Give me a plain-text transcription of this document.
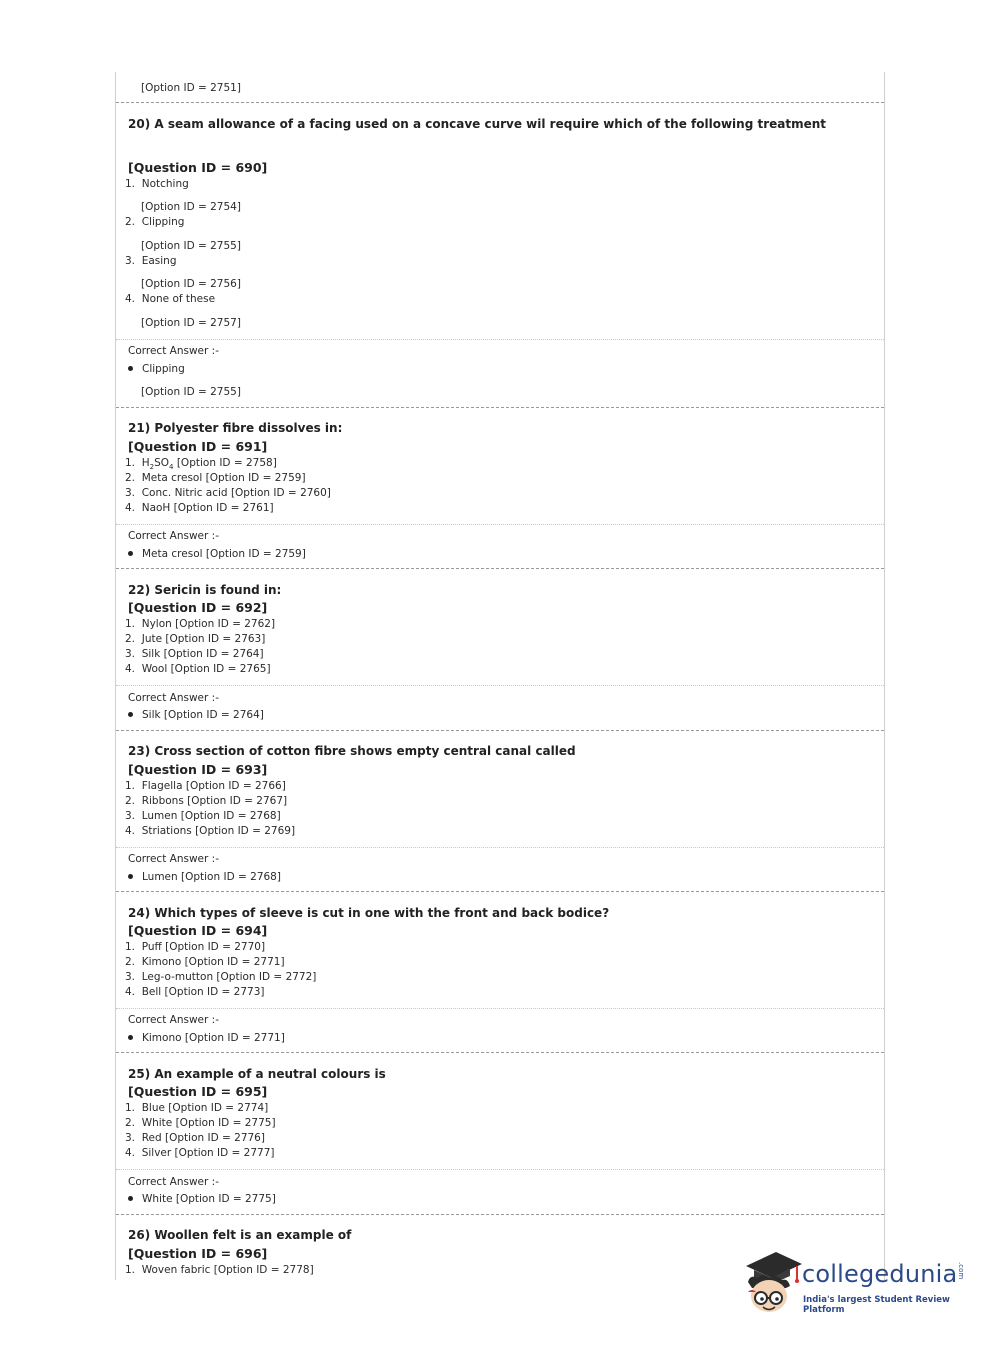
[Option ID = 2751]
20) A seam allowance of a facing used on a concave curve wil require which of the following treatment
[Question ID = 690]
1. Notching
[Option ID = 2754]
2. Clipping
[Option ID = 2755]
3. Easing
[Option ID = 2756]
4. None of these
[Option ID = 2757]
Correct Answer :-
Clipping
[Option ID = 2755]
21) Polyester fibre dissolves in:
[Question ID = 691]
1. $H_2SO_4$ [Option ID = 2758]
2. Meta cresol [Option ID = 2759]
3. Conc. Nitric acid [Option ID = 2760]
4. NaoH [Option ID = 2761]
Correct Answer :-
Meta cresol [Option ID = 2759]
22) Sericin is found in:
[Question ID = 692]
1. Nylon [Option ID = 2762]
2. Jute [Option ID = 2763]
3. Silk [Option ID = 2764]
4. Wool [Option ID = 2765]
Correct Answer :-
Silk [Option ID = 2764]
23) Cross section of cotton fibre shows empty central canal called
[Question ID = 693]
1. Flagella [Option ID = 2766]
2. Ribbons [Option ID = 2767]
3. Lumen [Option ID = 2768]
4. Striations [Option ID = 2769]
Correct Answer :-
Lumen [Option ID = 2768]
24) Which types of sleeve is cut in one with the front and back bodice?
[Question ID = 694]
1. Puff [Option ID = 2770]
2. Kimono [Option ID = 2771]
3. Leg-o-mutton [Option ID = 2772]
4. Bell [Option ID = 2773]
Correct Answer :-
Kimono [Option ID = 2771]
25) An example of a neutral colours is
[Question ID = 695]
1. Blue [Option ID = 2774]
2. White [Option ID = 2775]
3. Red [Option ID = 2776]
4. Silver [Option ID = 2777]
Correct Answer :-
White [Option ID = 2775]
26) Woollen felt is an example of
[Question ID = 696]
1. Woven fabric [Option ID = 2778]	collegedunia .com
India's largest Student Review Platform
